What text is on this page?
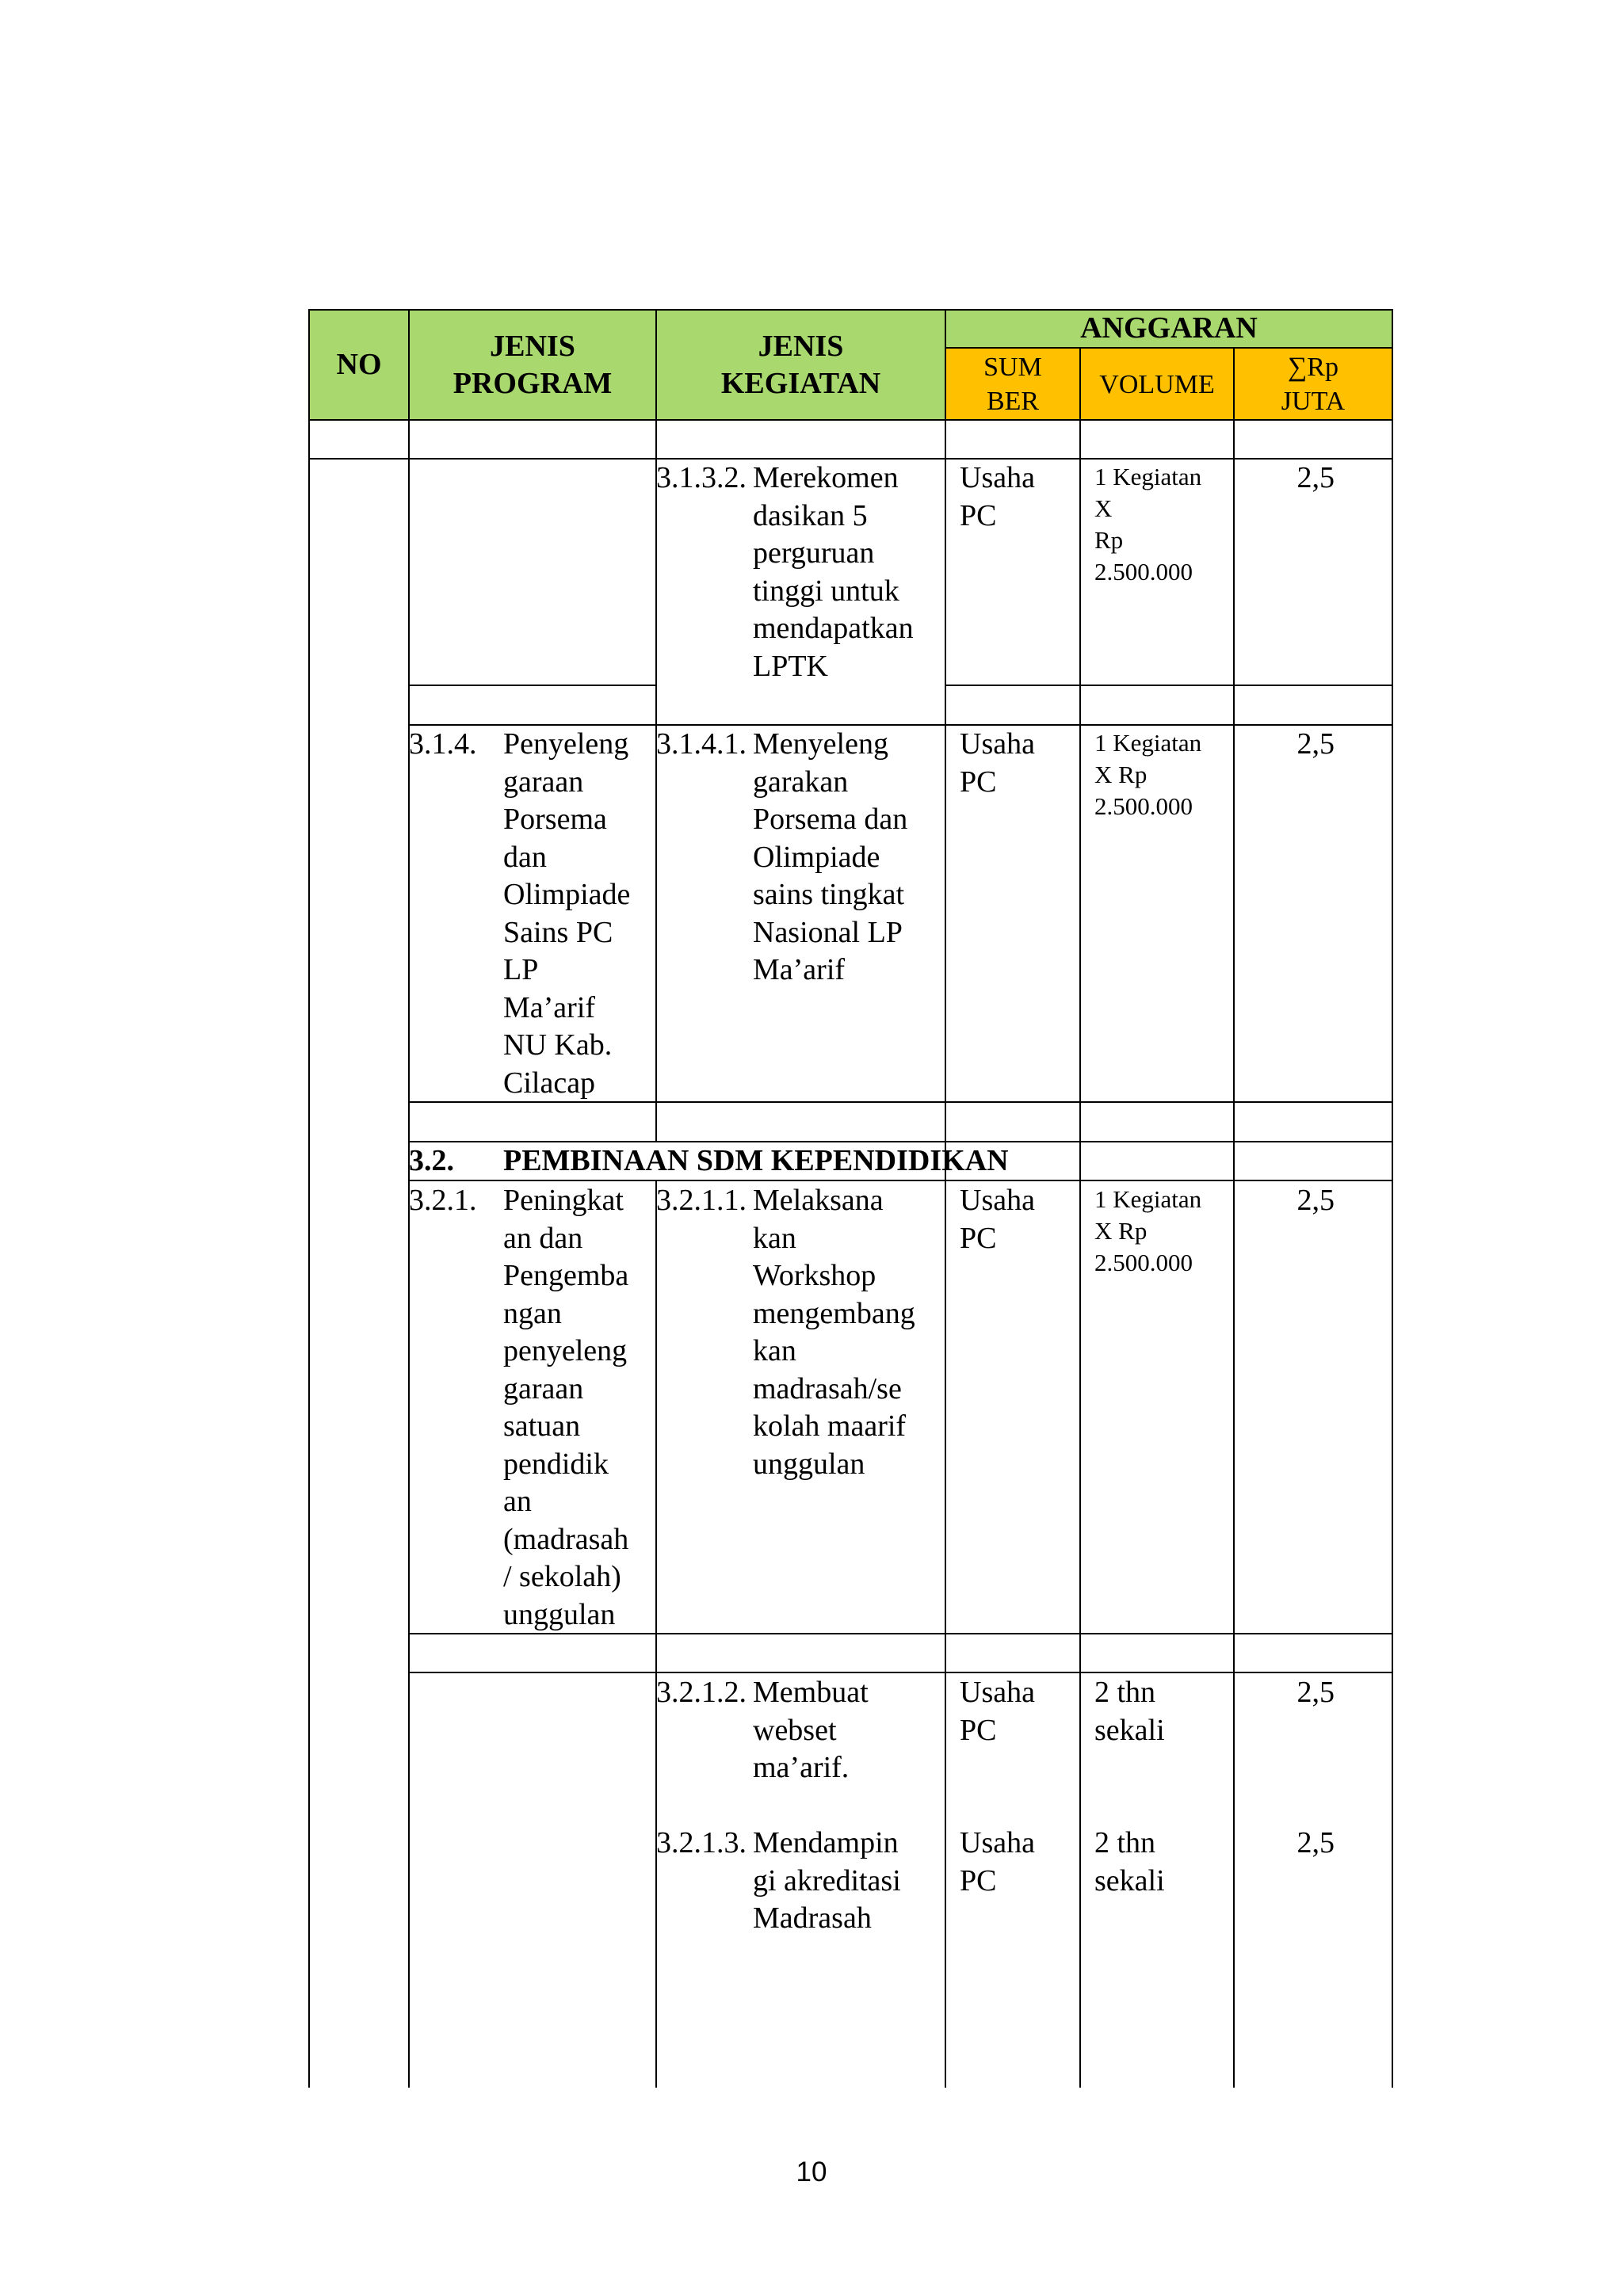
NO
JENIS
PROGRAM
JENIS
KEGIATAN
ANGGARAN
SUM
BER
VOLUME
∑Rp
JUTA
3.1.3.2. Merekomen
dasikan 5
perguruan
tinggi untuk
mendapatkan
LPTK
Usaha
PC
1 Kegiatan
X
Rp
2.500.000
2,5
3.1.4. Penyeleng
garaan
Porsema
dan
Olimpiade
Sains PC
LP
Ma’arif
NU Kab.
Cilacap
3.1.4.1. Menyeleng
garakan
Porsema dan
Olimpiade
sains tingkat
Nasional LP
Ma’arif
Usaha
PC
1 Kegiatan
X Rp
2.500.000
2,5
3.2. PEMBINAAN SDM KEPENDIDIKAN
3.2.1. Peningkat
an dan
Pengemba
ngan
penyeleng
garaan
satuan
pendidik
an
(madrasah
/ sekolah)
unggulan
3.2.1.1. Melaksana
kan
Workshop
mengembang
kan
madrasah/se
kolah maarif
unggulan
Usaha
PC
1 Kegiatan
X Rp
2.500.000
2,5
3.2.1.2. Membuat
webset
ma’arif.
Usaha
PC
2 thn
sekali
2,5
3.2.1.3. Mendampin
gi akreditasi
Madrasah
Usaha
PC
2 thn
sekali
2,5
10
